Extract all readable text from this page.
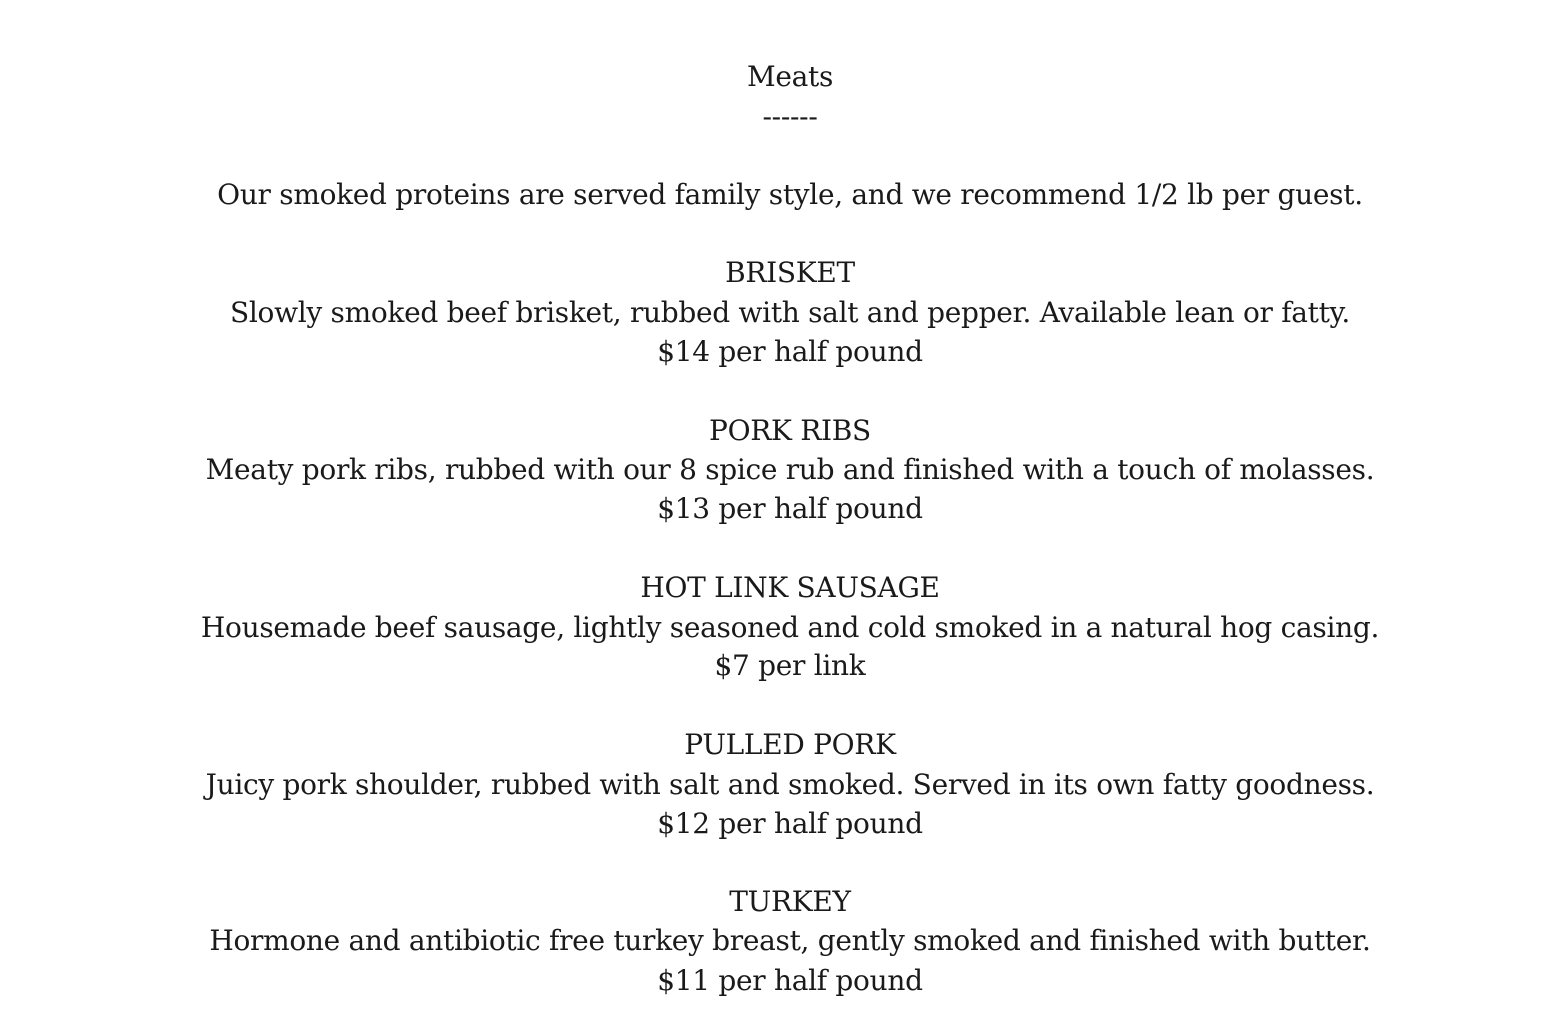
Meats
------
Our smoked proteins are served family style, and we recommend 1/2 lb per guest.
BRISKET
Slowly smoked beef brisket, rubbed with salt and pepper. Available lean or fatty.
$14 per half pound
PORK RIBS
Meaty pork ribs, rubbed with our 8 spice rub and finished with a touch of molasses.
$13 per half pound
HOT LINK SAUSAGE
Housemade beef sausage, lightly seasoned and cold smoked in a natural hog casing.
$7 per link
PULLED PORK
Juicy pork shoulder, rubbed with salt and smoked. Served in its own fatty goodness.
$12 per half pound
TURKEY
Hormone and antibiotic free turkey breast, gently smoked and finished with butter.
$11 per half pound
